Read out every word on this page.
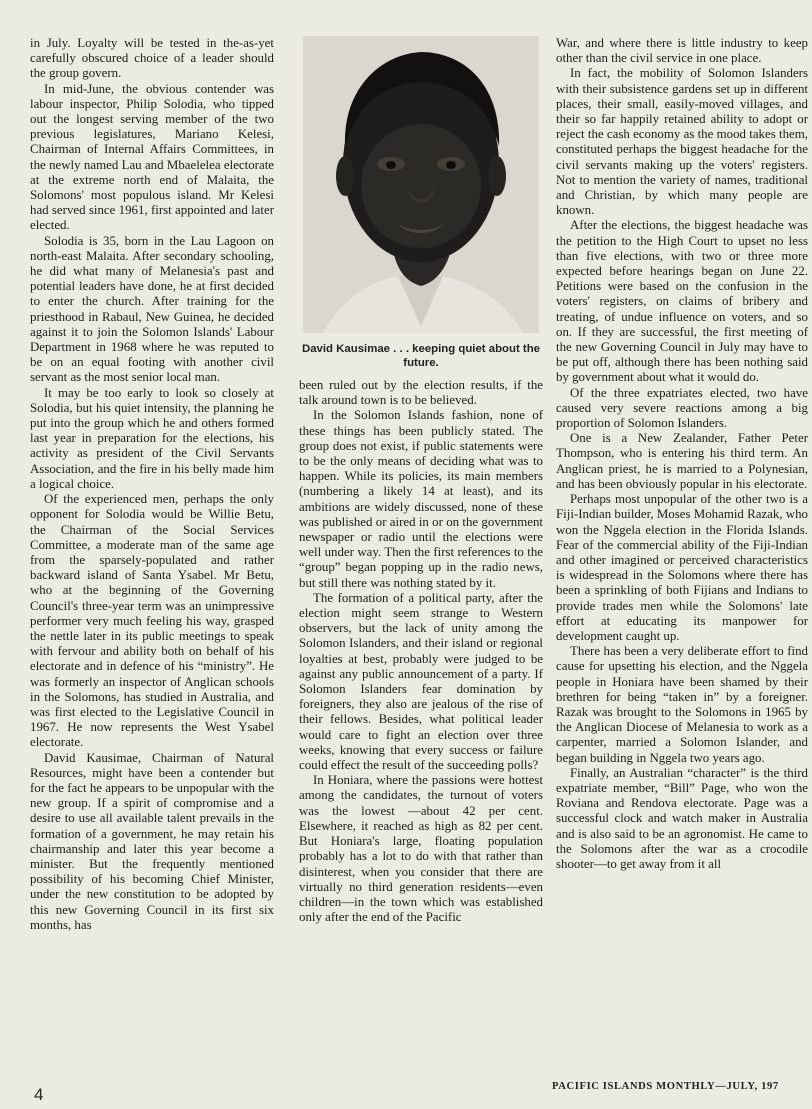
in July. Loyalty will be tested in the-as-yet carefully obscured choice of a leader should the group govern.

In mid-June, the obvious contender was labour inspector, Philip Solodia, who tipped out the longest serving member of the two previous legislatures, Mariano Kelesi, Chairman of Internal Affairs Committees, in the newly named Lau and Mbaelelea electorate at the extreme north end of Malaita, the Solomons' most populous island. Mr Kelesi had served since 1961, first appointed and later elected.

Solodia is 35, born in the Lau Lagoon on north-east Malaita. After secondary schooling, he did what many of Melanesia's past and potential leaders have done, he at first decided to enter the church. After training for the priesthood in Rabaul, New Guinea, he decided against it to join the Solomon Islands' Labour Department in 1968 where he was reputed to be on an equal footing with another civil servant as the most senior local man.

It may be too early to look so closely at Solodia, but his quiet intensity, the planning he put into the group which he and others formed last year in preparation for the elections, his activity as president of the Civil Servants Association, and the fire in his belly made him a logical choice.

Of the experienced men, perhaps the only opponent for Solodia would be Willie Betu, the Chairman of the Social Services Committee, a moderate man of the same age from the sparsely-populated and rather backward island of Santa Ysabel. Mr Betu, who at the beginning of the Governing Council's three-year term was an unimpressive performer very much feeling his way, grasped the nettle later in its public meetings to speak with fervour and ability both on behalf of his electorate and in defence of his “ministry”. He was formerly an inspector of Anglican schools in the Solomons, has studied in Australia, and was first elected to the Legislative Council in 1967. He now represents the West Ysabel electorate.

David Kausimae, Chairman of Natural Resources, might have been a contender but for the fact he appears to be unpopular with the new group. If a spirit of compromise and a desire to use all available talent prevails in the formation of a government, he may retain his chairmanship and later this year become a minister. But the frequently mentioned possibility of his becoming Chief Minister, under the new constitution to be adopted by this new Governing Council in its first six months, has

David Kausimae . . . keeping quiet about the future.

been ruled out by the election results, if the talk around town is to be believed.

In the Solomon Islands fashion, none of these things has been publicly stated. The group does not exist, if public statements were to be the only means of deciding what was to happen. While its policies, its main members (numbering a likely 14 at least), and its ambitions are widely discussed, none of these was published or aired in or on the government newspaper or radio until the elections were well under way. Then the first references to the “group” began popping up in the radio news, but still there was nothing stated by it.

The formation of a political party, after the election might seem strange to Western observers, but the lack of unity among the Solomon Islanders, and their island or regional loyalties at best, probably were judged to be against any public announcement of a party. If Solomon Islanders fear domination by foreigners, they also are jealous of the rise of their fellows. Besides, what political leader would care to fight an election over three weeks, knowing that every success or failure could effect the result of the succeeding polls?

In Honiara, where the passions were hottest among the candidates, the turnout of voters was the lowest —about 42 per cent. Elsewhere, it reached as high as 82 per cent. But Honiara's large, floating population probably has a lot to do with that rather than disinterest, when you consider that there are virtually no third generation residents—even children—in the town which was established only after the end of the Pacific

War, and where there is little industry to keep other than the civil service in one place.

In fact, the mobility of Solomon Islanders with their subsistence gardens set up in different places, their small, easily-moved villages, and their so far happily retained ability to adopt or reject the cash economy as the mood takes them, constituted perhaps the biggest headache for the civil servants making up the voters' registers. Not to mention the variety of names, traditional and Christian, by which many people are known.

After the elections, the biggest headache was the petition to the High Court to upset no less than five elections, with two or three more expected before hearings began on June 22. Petitions were based on the confusion in the voters' registers, on claims of bribery and treating, of undue influence on voters, and so on. If they are successful, the first meeting of the new Governing Council in July may have to be put off, although there has been nothing said by government about what it would do.

Of the three expatriates elected, two have caused very severe reactions among a big proportion of Solomon Islanders.

One is a New Zealander, Father Peter Thompson, who is entering his third term. An Anglican priest, he is married to a Polynesian, and has been obviously popular in his electorate.

Perhaps most unpopular of the other two is a Fiji-Indian builder, Moses Mohamid Razak, who won the Nggela election in the Florida Islands. Fear of the commercial ability of the Fiji-Indian and other imagined or perceived characteristics is widespread in the Solomons where there has been a sprinkling of both Fijians and Indians to provide trades men while the Solomons' late effort at educating its manpower for development caught up.

There has been a very deliberate effort to find cause for upsetting his election, and the Nggela people in Honiara have been shamed by their brethren for being “taken in” by a foreigner. Razak was brought to the Solomons in 1965 by the Anglican Diocese of Melanesia to work as a carpenter, married a Solomon Islander, and began building in Nggela two years ago.

Finally, an Australian “character” is the third expatriate member, “Bill” Page, who won the Roviana and Rendova electorate. Page was a successful clock and watch maker in Australia and is also said to be an agronomist. He came to the Solomons after the war as a crocodile shooter—to get away from it all

4	PACIFIC ISLANDS MONTHLY—JULY, 197
